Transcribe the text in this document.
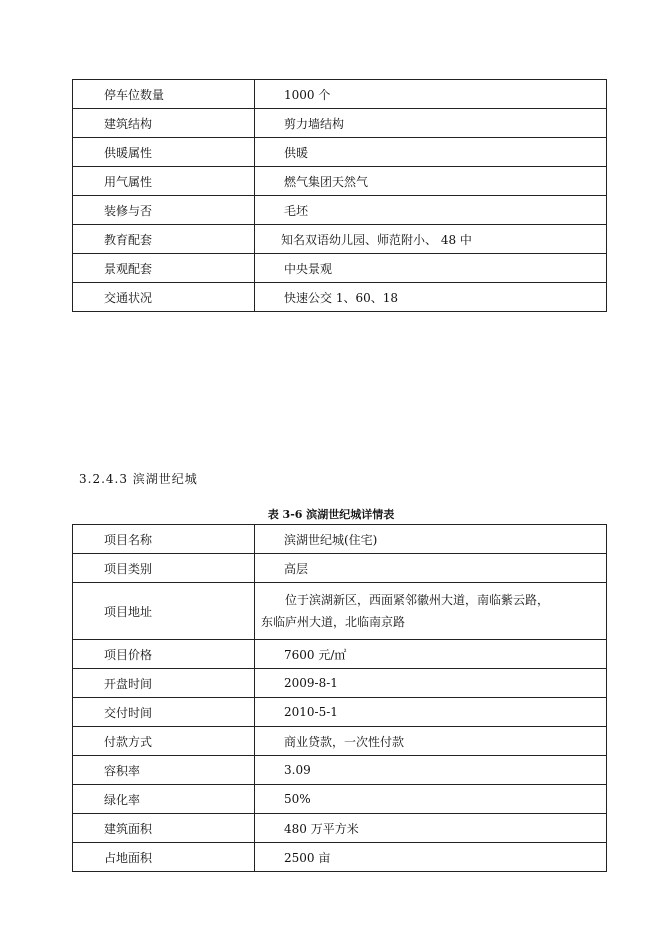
停车位数量	1000 个
建筑结构	剪力墙结构
供暖属性	供暖
用气属性	燃气集团天然气
装修与否	毛坯
教育配套	知名双语幼儿园、师范附小、 48 中
景观配套	中央景观
交通状况	快速公交 1、60、18
3.2.4.3 滨湖世纪城
表 3-6 滨湖世纪城详情表
项目名称	滨湖世纪城(住宅)
项目类别	高层
项目地址	位于滨湖新区，西面紧邻徽州大道，南临紫云路，
东临庐州大道，北临南京路

项目价格	7600 元/㎡
开盘时间	2009-8-1
交付时间	2010-5-1
付款方式	商业贷款，一次性付款
容积率	3.09
绿化率	50%
建筑面积	480 万平方米
占地面积	2500 亩
